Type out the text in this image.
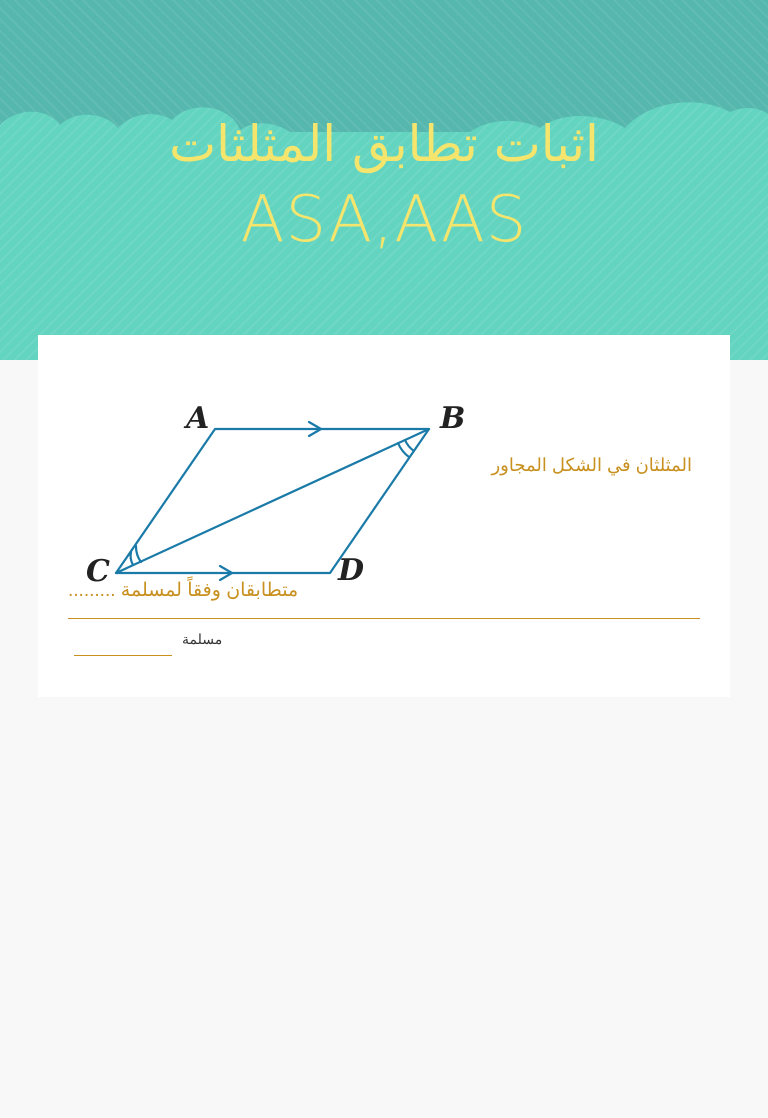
اثبات تطابق المثلثات
ASA,AAS
A	B
C	D
المثلثان في الشكل المجاور
متطابقان وفقاً لمسلمة .........
مسلمة
